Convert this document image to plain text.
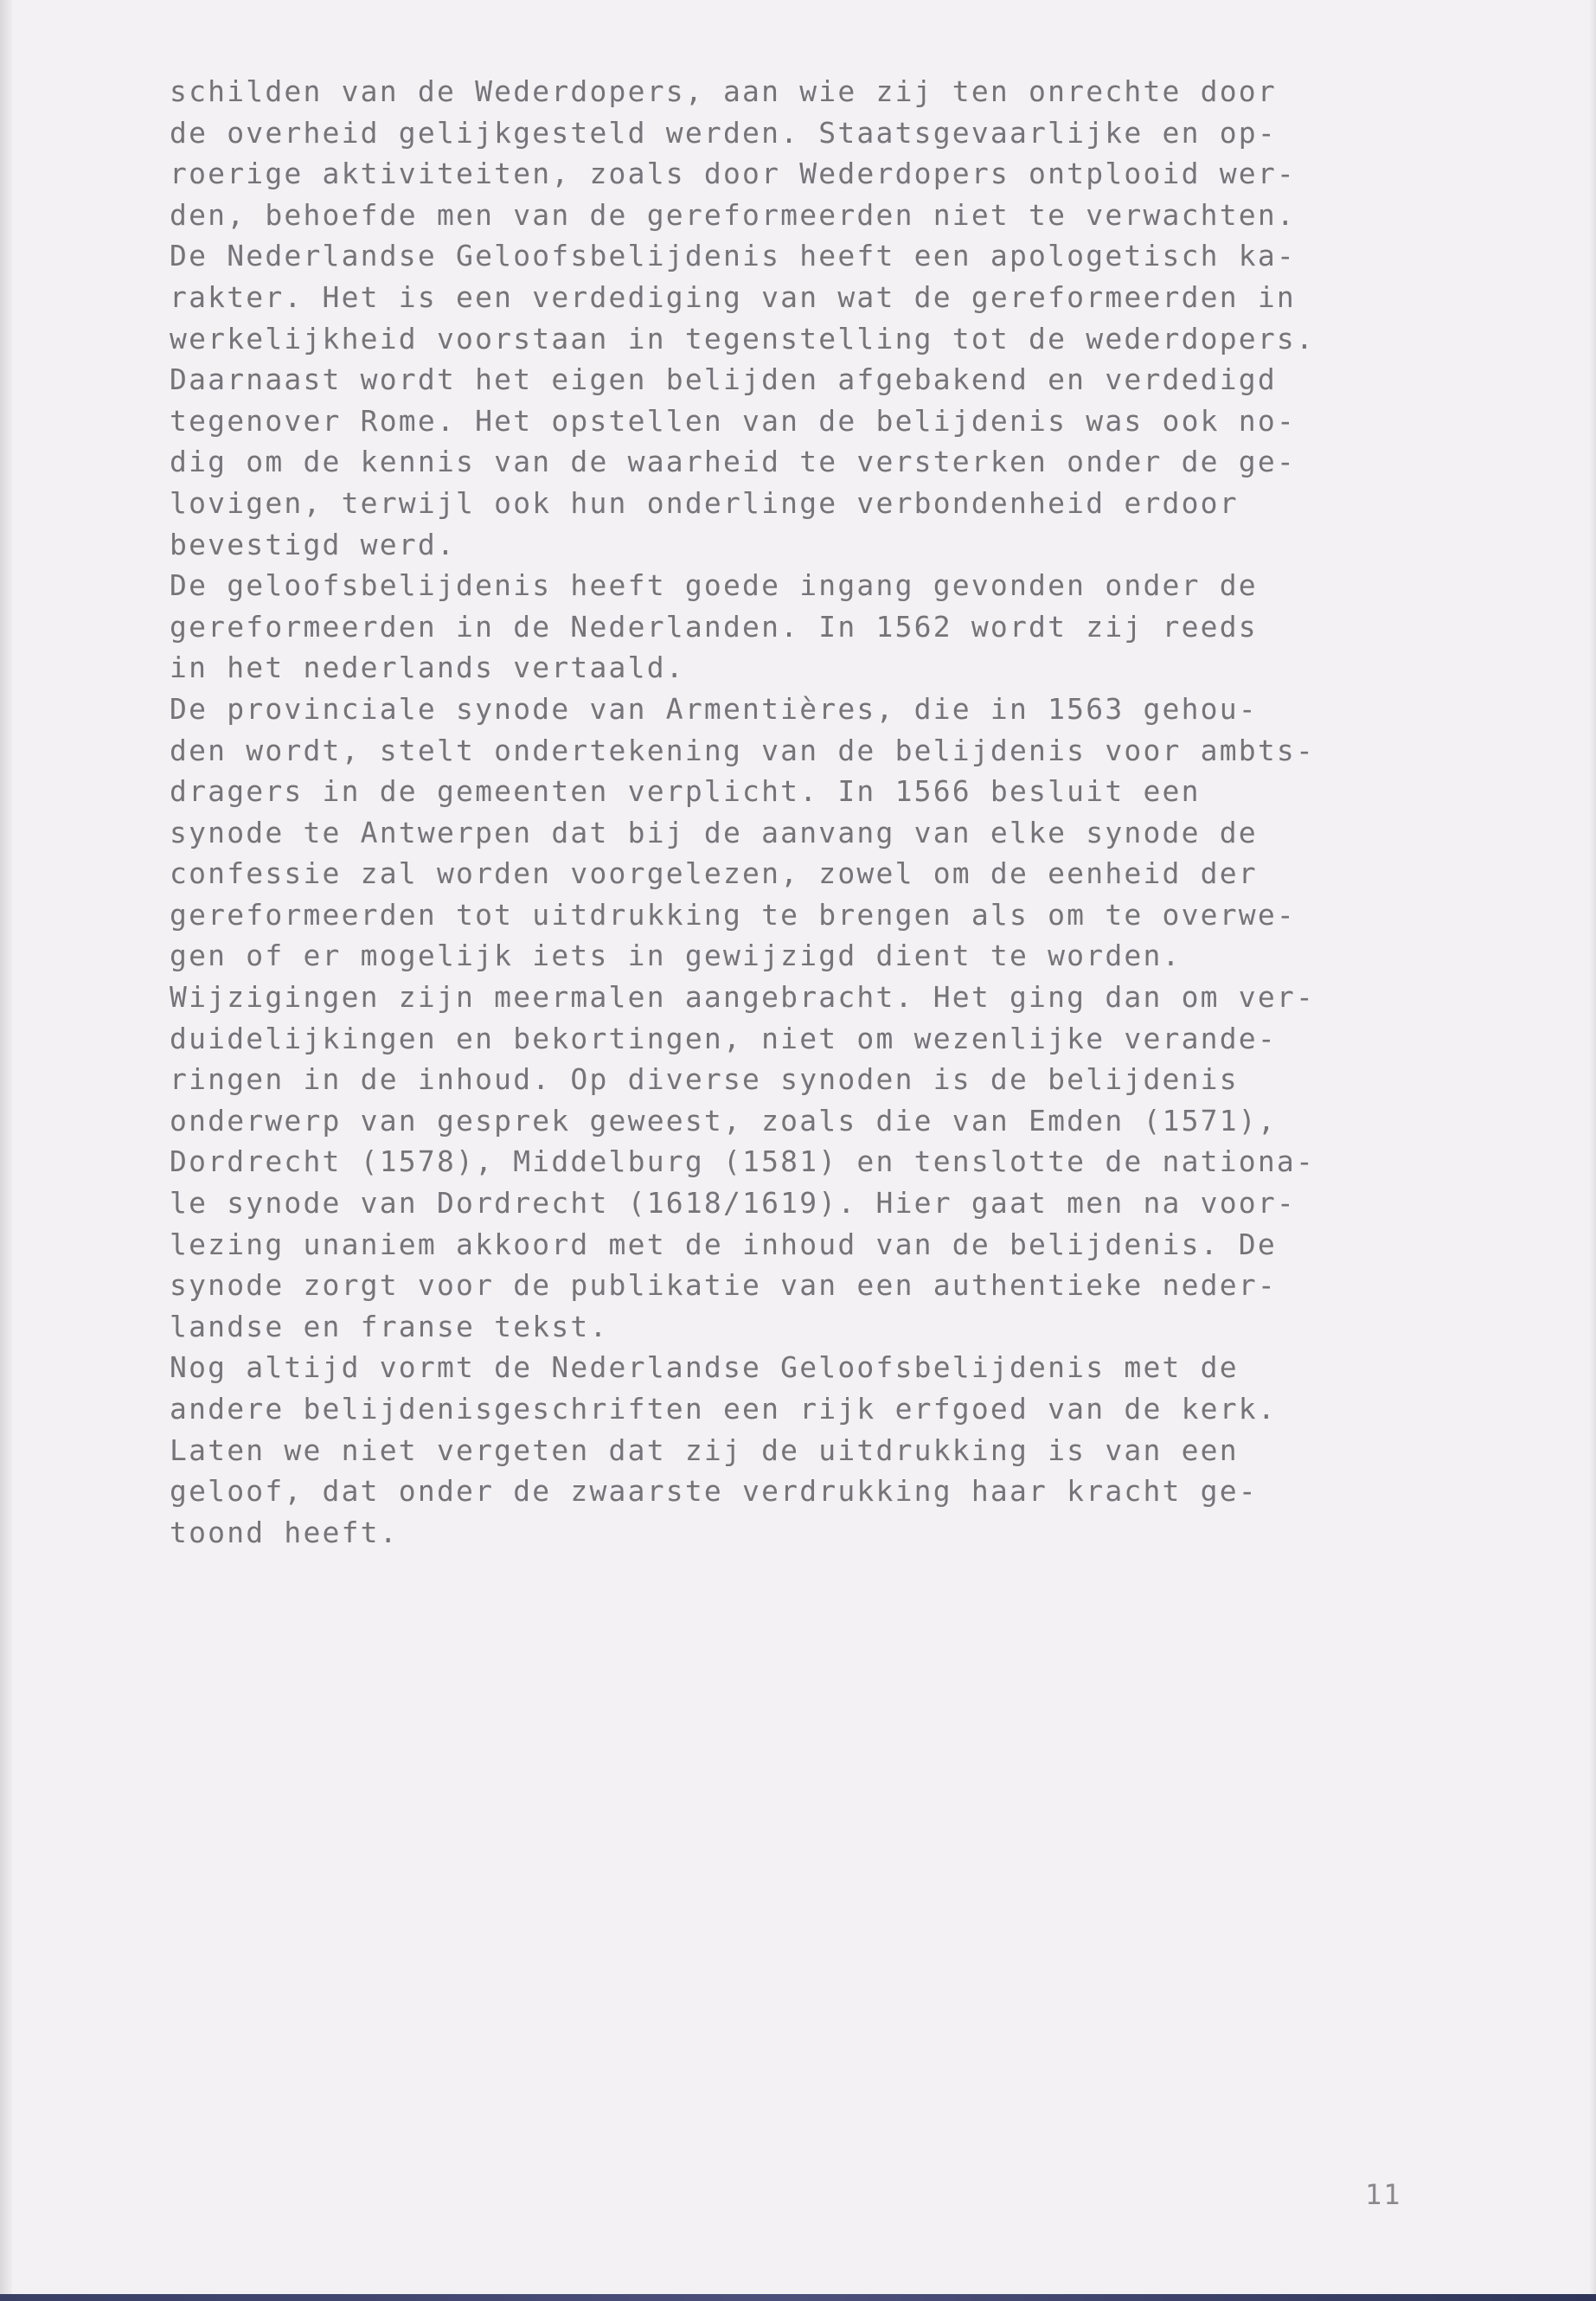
schilden van de Wederdopers, aan wie zij ten onrechte door
de overheid gelijkgesteld werden. Staatsgevaarlijke en op-
roerige aktiviteiten, zoals door Wederdopers ontplooid wer-
den, behoefde men van de gereformeerden niet te verwachten.
De Nederlandse Geloofsbelijdenis heeft een apologetisch ka-
rakter. Het is een verdediging van wat de gereformeerden in
werkelijkheid voorstaan in tegenstelling tot de wederdopers.
Daarnaast wordt het eigen belijden afgebakend en verdedigd
tegenover Rome. Het opstellen van de belijdenis was ook no-
dig om de kennis van de waarheid te versterken onder de ge-
lovigen, terwijl ook hun onderlinge verbondenheid erdoor
bevestigd werd.
De geloofsbelijdenis heeft goede ingang gevonden onder de
gereformeerden in de Nederlanden. In 1562 wordt zij reeds
in het nederlands vertaald.
De provinciale synode van Armentières, die in 1563 gehou-
den wordt, stelt ondertekening van de belijdenis voor ambts-
dragers in de gemeenten verplicht. In 1566 besluit een
synode te Antwerpen dat bij de aanvang van elke synode de
confessie zal worden voorgelezen, zowel om de eenheid der
gereformeerden tot uitdrukking te brengen als om te overwe-
gen of er mogelijk iets in gewijzigd dient te worden.
Wijzigingen zijn meermalen aangebracht. Het ging dan om ver-
duidelijkingen en bekortingen, niet om wezenlijke verande-
ringen in de inhoud. Op diverse synoden is de belijdenis
onderwerp van gesprek geweest, zoals die van Emden (1571),
Dordrecht (1578), Middelburg (1581) en tenslotte de nationa-
le synode van Dordrecht (1618/1619). Hier gaat men na voor-
lezing unaniem akkoord met de inhoud van de belijdenis. De
synode zorgt voor de publikatie van een authentieke neder-
landse en franse tekst.
Nog altijd vormt de Nederlandse Geloofsbelijdenis met de
andere belijdenisgeschriften een rijk erfgoed van de kerk.
Laten we niet vergeten dat zij de uitdrukking is van een
geloof, dat onder de zwaarste verdrukking haar kracht ge-
toond heeft.
11
